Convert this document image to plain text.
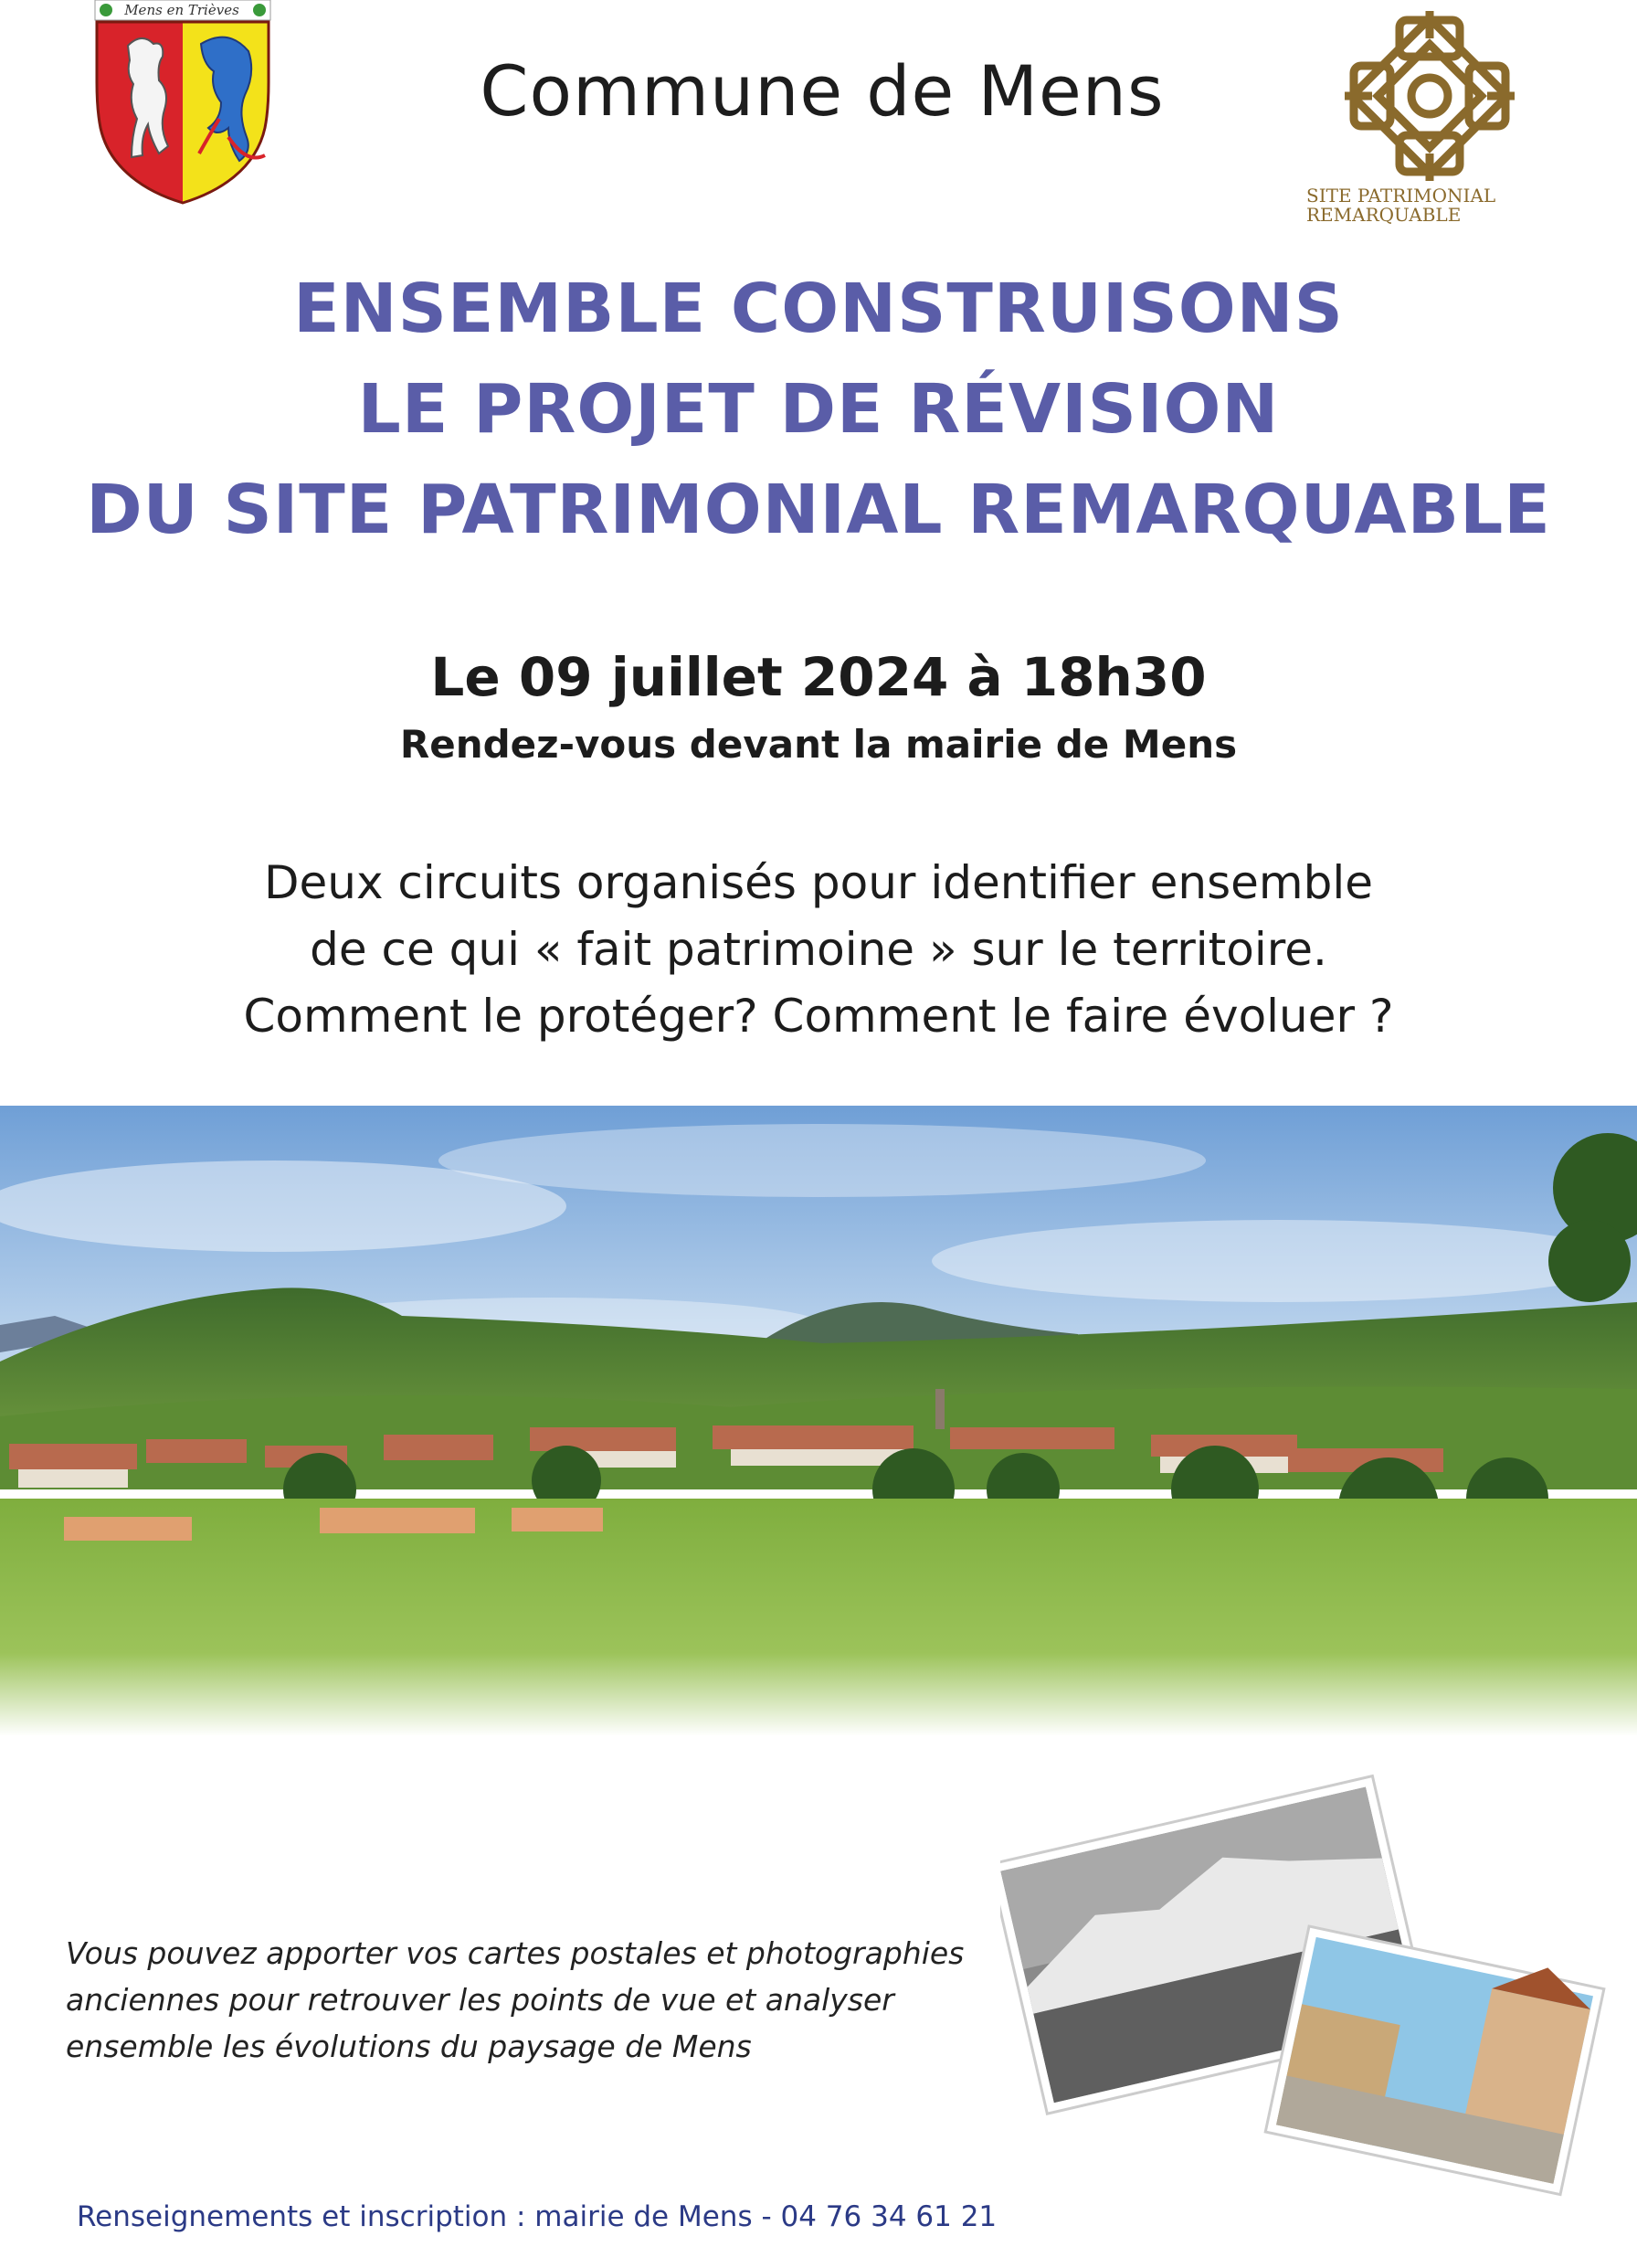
Mens en Trièves
Commune de Mens
SITE PATRIMONIAL
REMARQUABLE
ENSEMBLE CONSTRUISONS
LE PROJET DE RÉVISION
DU SITE PATRIMONIAL REMARQUABLE
Le 09 juillet 2024 à 18h30
Rendez-vous devant la mairie de Mens
Deux circuits organisés pour identifier ensemble
de ce qui « fait patrimoine » sur le territoire.
Comment le protéger? Comment le faire évoluer ?
Vous pouvez apporter vos cartes postales et photographies
anciennes pour retrouver les points de vue et analyser
ensemble les évolutions du paysage de Mens
Renseignements et inscription : mairie de Mens - 04 76 34 61 21
